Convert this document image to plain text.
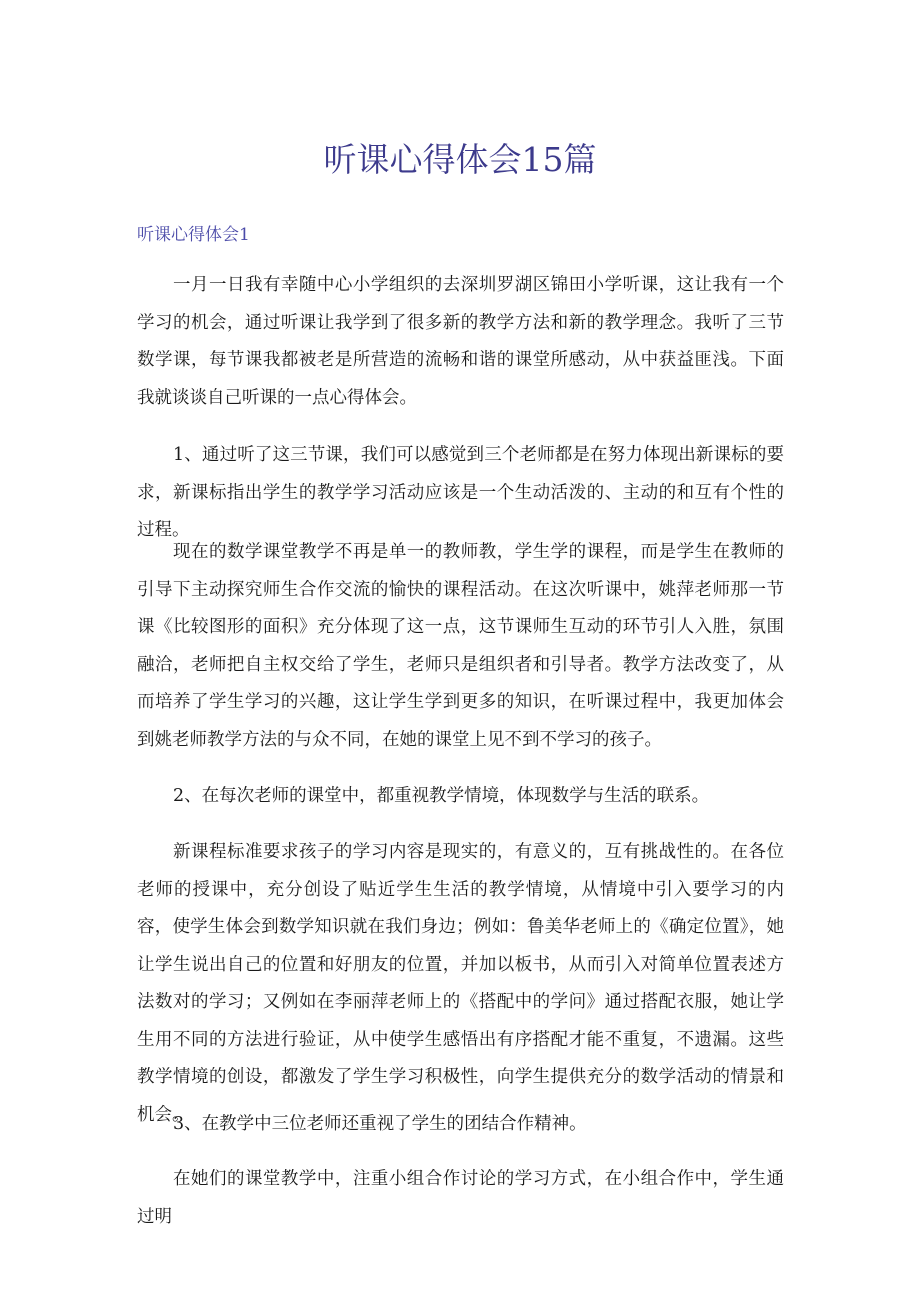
听课心得体会15篇
听课心得体会1

一月一日我有幸随中心小学组织的去深圳罗湖区锦田小学听课，这让我有一个学习的机会，通过听课让我学到了很多新的教学方法和新的教学理念。我听了三节数学课，每节课我都被老是所营造的流畅和谐的课堂所感动，从中获益匪浅。下面我就谈谈自己听课的一点心得体会。

1、通过听了这三节课，我们可以感觉到三个老师都是在努力体现出新课标的要求，新课标指出学生的教学学习活动应该是一个生动活泼的、主动的和互有个性的过程。

现在的数学课堂教学不再是单一的教师教，学生学的课程，而是学生在教师的引导下主动探究师生合作交流的愉快的课程活动。在这次听课中，姚萍老师那一节课《比较图形的面积》充分体现了这一点，这节课师生互动的环节引人入胜，氛围融洽，老师把自主权交给了学生，老师只是组织者和引导者。教学方法改变了，从而培养了学生学习的兴趣，这让学生学到更多的知识，在听课过程中，我更加体会到姚老师教学方法的与众不同，在她的课堂上见不到不学习的孩子。

2、在每次老师的课堂中，都重视教学情境，体现数学与生活的联系。

新课程标准要求孩子的学习内容是现实的，有意义的，互有挑战性的。在各位老师的授课中，充分创设了贴近学生生活的教学情境，从情境中引入要学习的内容，使学生体会到数学知识就在我们身边；例如：鲁美华老师上的《确定位置》，她让学生说出自己的位置和好朋友的位置，并加以板书，从而引入对简单位置表述方法数对的学习；又例如在李丽萍老师上的《搭配中的学问》通过搭配衣服，她让学生用不同的方法进行验证，从中使学生感悟出有序搭配才能不重复，不遗漏。这些教学情境的创设，都激发了学生学习积极性，向学生提供充分的数学活动的情景和机会。

3、在教学中三位老师还重视了学生的团结合作精神。

在她们的课堂教学中，注重小组合作讨论的学习方式，在小组合作中，学生通过明
